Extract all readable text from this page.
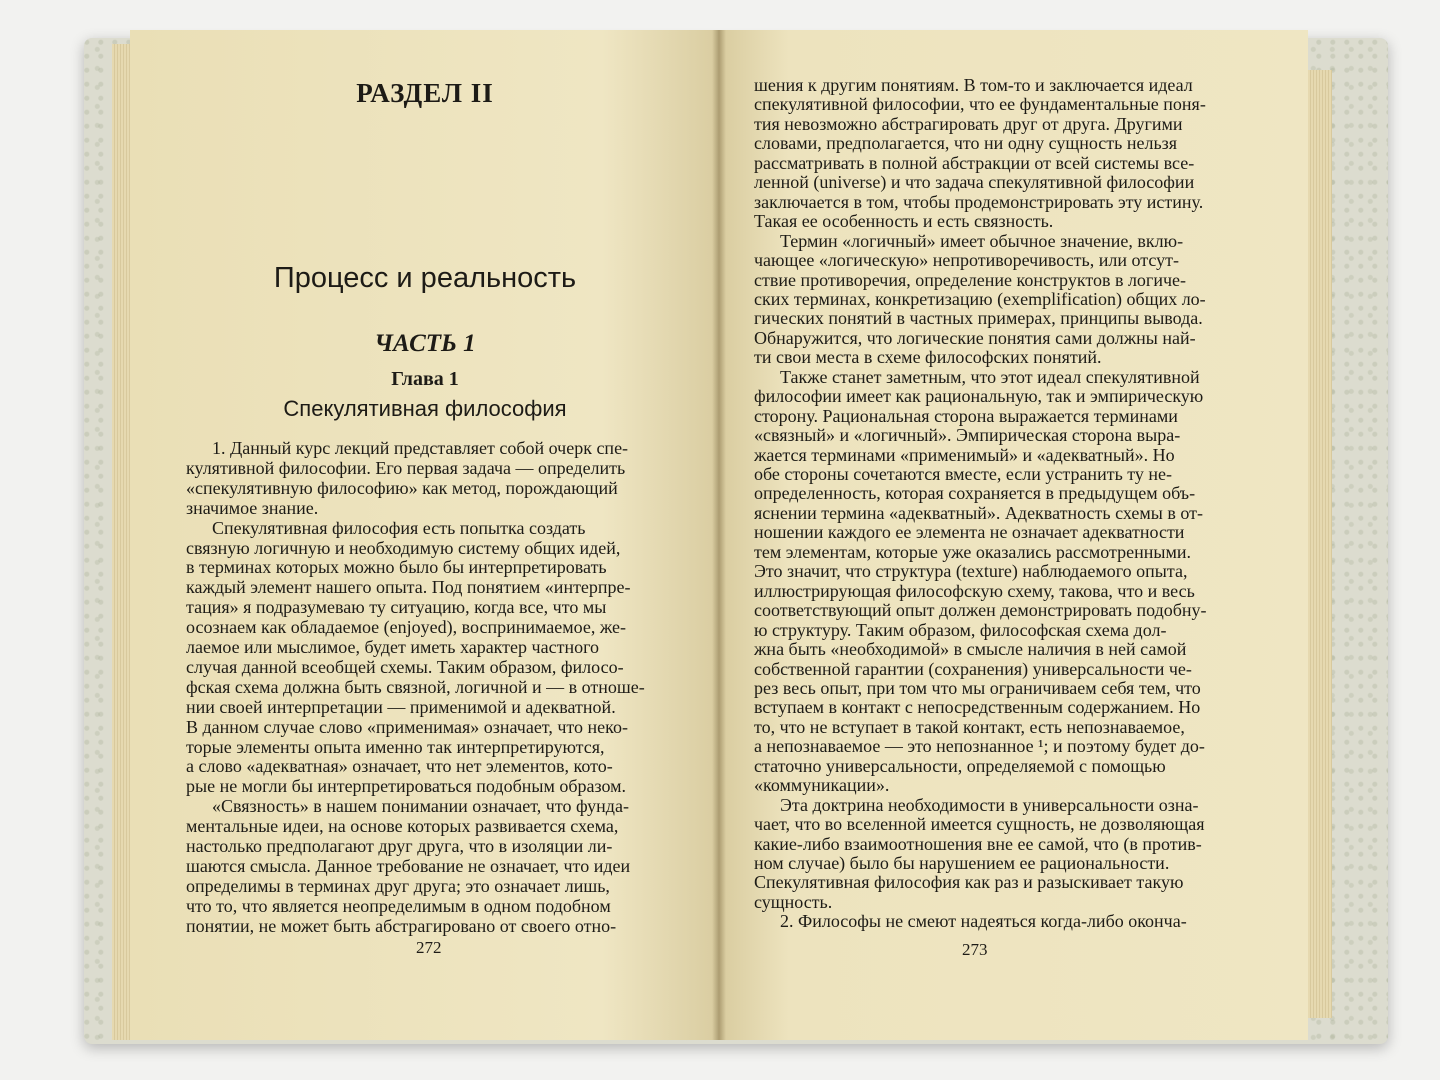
РАЗДЕЛ II
Процесс и реальность
ЧАСТЬ 1
Глава 1
Спекулятивная философия
272
1. Данный курс лекций представляет собой очерк спе-
кулятивной философии. Его первая задача — определить
«спекулятивную философию» как метод, порождающий
значимое знание.
Спекулятивная философия есть попытка создать
связную логичную и необходимую систему общих идей,
в терминах которых можно было бы интерпретировать
каждый элемент нашего опыта. Под понятием «интерпре-
тация» я подразумеваю ту ситуацию, когда все, что мы
осознаем как обладаемое (enjoyed), воспринимаемое, же-
лаемое или мыслимое, будет иметь характер частного
случая данной всеобщей схемы. Таким образом, филосо-
фская схема должна быть связной, логичной и — в отноше-
нии своей интерпретации — применимой и адекватной.
В данном случае слово «применимая» означает, что неко-
торые элементы опыта именно так интерпретируются,
а слово «адекватная» означает, что нет элементов, кото-
рые не могли бы интерпретироваться подобным образом.
«Связность» в нашем понимании означает, что фунда-
ментальные идеи, на основе которых развивается схема,
настолько предполагают друг друга, что в изоляции ли-
шаются смысла. Данное требование не означает, что идеи
определимы в терминах друг друга; это означает лишь,
что то, что является неопределимым в одном подобном
понятии, не может быть абстрагировано от своего отно-
273
шения к другим понятиям. В том-то и заключается идеал
спекулятивной философии, что ее фундаментальные поня-
тия невозможно абстрагировать друг от друга. Другими
словами, предполагается, что ни одну сущность нельзя
рассматривать в полной абстракции от всей системы все-
ленной (universe) и что задача спекулятивной философии
заключается в том, чтобы продемонстрировать эту истину.
Такая ее особенность и есть связность.
Термин «логичный» имеет обычное значение, вклю-
чающее «логическую» непротиворечивость, или отсут-
ствие противоречия, определение конструктов в логиче-
ских терминах, конкретизацию (exemplification) общих ло-
гических понятий в частных примерах, принципы вывода.
Обнаружится, что логические понятия сами должны най-
ти свои места в схеме философских понятий.
Также станет заметным, что этот идеал спекулятивной
философии имеет как рациональную, так и эмпирическую
сторону. Рациональная сторона выражается терминами
«связный» и «логичный». Эмпирическая сторона выра-
жается терминами «применимый» и «адекватный». Но
обе стороны сочетаются вместе, если устранить ту не-
определенность, которая сохраняется в предыдущем объ-
яснении термина «адекватный». Адекватность схемы в от-
ношении каждого ее элемента не означает адекватности
тем элементам, которые уже оказались рассмотренными.
Это значит, что структура (texture) наблюдаемого опыта,
иллюстрирующая философскую схему, такова, что и весь
соответствующий опыт должен демонстрировать подобну-
ю структуру. Таким образом, философская схема дол-
жна быть «необходимой» в смысле наличия в ней самой
собственной гарантии (сохранения) универсальности че-
рез весь опыт, при том что мы ограничиваем себя тем, что
вступаем в контакт с непосредственным содержанием. Но
то, что не вступает в такой контакт, есть непознаваемое,
а непознаваемое — это непознанное ¹; и поэтому будет до-
статочно универсальности, определяемой с помощью
«коммуникации».
Эта доктрина необходимости в универсальности озна-
чает, что во вселенной имеется сущность, не дозволяющая
какие-либо взаимоотношения вне ее самой, что (в против-
ном случае) было бы нарушением ее рациональности.
Спекулятивная философия как раз и разыскивает такую
сущность.
2. Философы не смеют надеяться когда-либо оконча-
